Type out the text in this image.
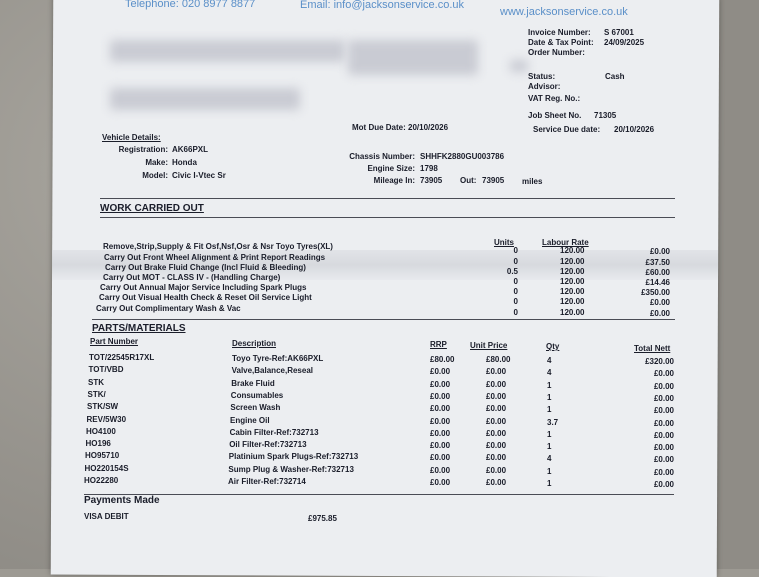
Telephone: 020 8977 8877	Email: info@jacksonservice.co.uk
www.jacksonservice.co.uk
Invoice Number: S 67001
Date & Tax Point: 24/09/2025
Order Number:
Status:	Cash
Advisor:
VAT Reg. No.:
Job Sheet No. 71305
Service Due date: 20/10/2026
Mot Due Date: 20/10/2026
Vehicle Details:
Registration: AK66PXL
Make: Honda
Model: Civic I-Vtec Sr
Chassis Number: SHHFK2880GU003786
Engine Size: 1798
Mileage In: 73905 Out: 73905 miles
WORK CARRIED OUT
Units	Labour Rate
Remove,Strip,Supply & Fit Osf,Nsf,Osr & Nsr Toyo Tyres(XL)	0	120.00	£0.00
Carry Out Front Wheel Alignment & Print Report Readings	0	120.00	£37.50
Carry Out Brake Fluid Change (Incl Fluid & Bleeding)	0.5	120.00	£60.00
Carry Out MOT - CLASS IV - (Handling Charge)	0	120.00	£14.46
Carry Out Annual Major Service Including Spark Plugs	0	120.00	£350.00
Carry Out Visual Health Check & Reset Oil Service Light	0	120.00	£0.00
Carry Out Complimentary Wash & Vac	0	120.00	£0.00
PARTS/MATERIALS
Part Number	Description	RRP	Unit Price	Qty	Total Nett
TOT/22545R17XL	Toyo Tyre-Ref:AK66PXL	£80.00	£80.00	4	£320.00
TOT/VBD	Valve,Balance,Reseal	£0.00	£0.00	4	£0.00
STK	Brake Fluid	£0.00	£0.00	1	£0.00
STK/	Consumables	£0.00	£0.00	1	£0.00
STK/SW	Screen Wash	£0.00	£0.00	1	£0.00
REV/5W30	Engine Oil	£0.00	£0.00	3.7	£0.00
HO4100	Cabin Filter-Ref:732713	£0.00	£0.00	1	£0.00
HO196	Oil Filter-Ref:732713	£0.00	£0.00	1	£0.00
HO95710	Platinium Spark Plugs-Ref:732713	£0.00	£0.00	4	£0.00
HO220154S	Sump Plug & Washer-Ref:732713	£0.00	£0.00	1	£0.00
HO22280	Air Filter-Ref:732714	£0.00	£0.00	1	£0.00
Payments Made
VISA DEBIT	£975.85
